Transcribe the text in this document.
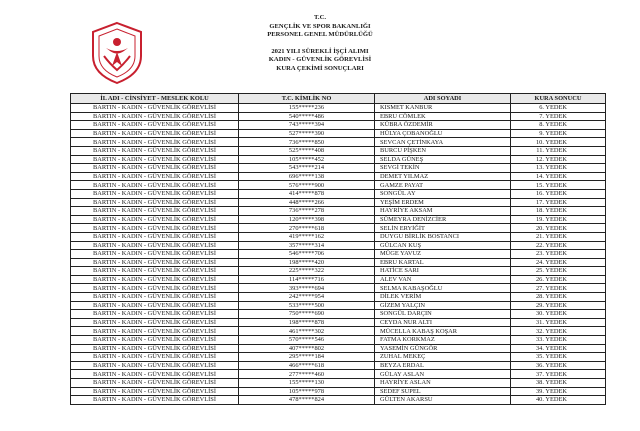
T.C.
GENÇLİK VE SPOR BAKANLIĞI
PERSONEL GENEL MÜDÜRLÜĞÜ
2021 YILI SÜREKLİ İŞÇİ ALIMI
KADIN - GÜVENLİK GÖREVLİSİ
KURA ÇEKİMİ SONUÇLARI
İL ADI - CİNSİYET - MESLEK KOLU	T.C. KİMLİK NO	ADI SOYADI	KURA SONUCU
BARTIN - KADIN - GÜVENLİK GÖREVLİSİ	155*****236	KISMET KANBUR	6. YEDEK
BARTIN - KADIN - GÜVENLİK GÖREVLİSİ	540*****486	EBRU CÖMLEK	7. YEDEK
BARTIN - KADIN - GÜVENLİK GÖREVLİSİ	743*****394	KÜBRA ÖZDEMİR	8. YEDEK
BARTIN - KADIN - GÜVENLİK GÖREVLİSİ	527*****390	HÜLYA ÇOBANOĞLU	9. YEDEK
BARTIN - KADIN - GÜVENLİK GÖREVLİSİ	736*****850	SEVCAN ÇETİNKAYA	10. YEDEK
BARTIN - KADIN - GÜVENLİK GÖREVLİSİ	525*****408	BURCU PİŞKEN	11. YEDEK
BARTIN - KADIN - GÜVENLİK GÖREVLİSİ	105*****452	SELDA GÜNEŞ	12. YEDEK
BARTIN - KADIN - GÜVENLİK GÖREVLİSİ	543*****214	SEVGİ TEKİN	13. YEDEK
BARTIN - KADIN - GÜVENLİK GÖREVLİSİ	696*****138	DEMET YILMAZ	14. YEDEK
BARTIN - KADIN - GÜVENLİK GÖREVLİSİ	576*****900	GAMZE PAYAT	15. YEDEK
BARTIN - KADIN - GÜVENLİK GÖREVLİSİ	414*****878	SONGÜL AY	16. YEDEK
BARTIN - KADIN - GÜVENLİK GÖREVLİSİ	448*****266	YEŞİM ERDEM	17. YEDEK
BARTIN - KADIN - GÜVENLİK GÖREVLİSİ	736*****278	HAYRİYE AKSAM	18. YEDEK
BARTIN - KADIN - GÜVENLİK GÖREVLİSİ	120*****398	SÜMEYRA DENİZCİER	19. YEDEK
BARTIN - KADIN - GÜVENLİK GÖREVLİSİ	270*****618	SELİN ERYİĞİT	20. YEDEK
BARTIN - KADIN - GÜVENLİK GÖREVLİSİ	419*****162	DUYGU BİRLİK BOSTANCI	21. YEDEK
BARTIN - KADIN - GÜVENLİK GÖREVLİSİ	357*****314	GÜLCAN KUŞ	22. YEDEK
BARTIN - KADIN - GÜVENLİK GÖREVLİSİ	546*****706	MÜGE YAVUZ	23. YEDEK
BARTIN - KADIN - GÜVENLİK GÖREVLİSİ	198*****420	EBRU KARTAL	24. YEDEK
BARTIN - KADIN - GÜVENLİK GÖREVLİSİ	225*****322	HATİCE SARI	25. YEDEK
BARTIN - KADIN - GÜVENLİK GÖREVLİSİ	114*****716	ALEV VAN	26. YEDEK
BARTIN - KADIN - GÜVENLİK GÖREVLİSİ	393*****694	SELMA KABAŞOĞLU	27. YEDEK
BARTIN - KADIN - GÜVENLİK GÖREVLİSİ	242*****954	DİLEK VERİM	28. YEDEK
BARTIN - KADIN - GÜVENLİK GÖREVLİSİ	533*****500	GİZEM YALÇIN	29. YEDEK
BARTIN - KADIN - GÜVENLİK GÖREVLİSİ	750*****690	SONGÜL DARÇIN	30. YEDEK
BARTIN - KADIN - GÜVENLİK GÖREVLİSİ	198*****878	CEYDA NUR ALTI	31. YEDEK
BARTIN - KADIN - GÜVENLİK GÖREVLİSİ	461*****302	MÜCELLA KABAŞ KOŞAR	32. YEDEK
BARTIN - KADIN - GÜVENLİK GÖREVLİSİ	570*****546	FATMA KORKMAZ	33. YEDEK
BARTIN - KADIN - GÜVENLİK GÖREVLİSİ	407*****802	YASEMİN GÜNGÖR	34. YEDEK
BARTIN - KADIN - GÜVENLİK GÖREVLİSİ	295*****184	ZUHAL MEKEÇ	35. YEDEK
BARTIN - KADIN - GÜVENLİK GÖREVLİSİ	466*****618	BEYZA ERDAL	36. YEDEK
BARTIN - KADIN - GÜVENLİK GÖREVLİSİ	277*****460	GÜLAY ASLAN	37. YEDEK
BARTIN - KADIN - GÜVENLİK GÖREVLİSİ	155*****130	HAYRİYE ASLAN	38. YEDEK
BARTIN - KADIN - GÜVENLİK GÖREVLİSİ	105*****978	SEDEF SUPEL	39. YEDEK
BARTIN - KADIN - GÜVENLİK GÖREVLİSİ	478*****824	GÜLTEN AKARSU	40. YEDEK
